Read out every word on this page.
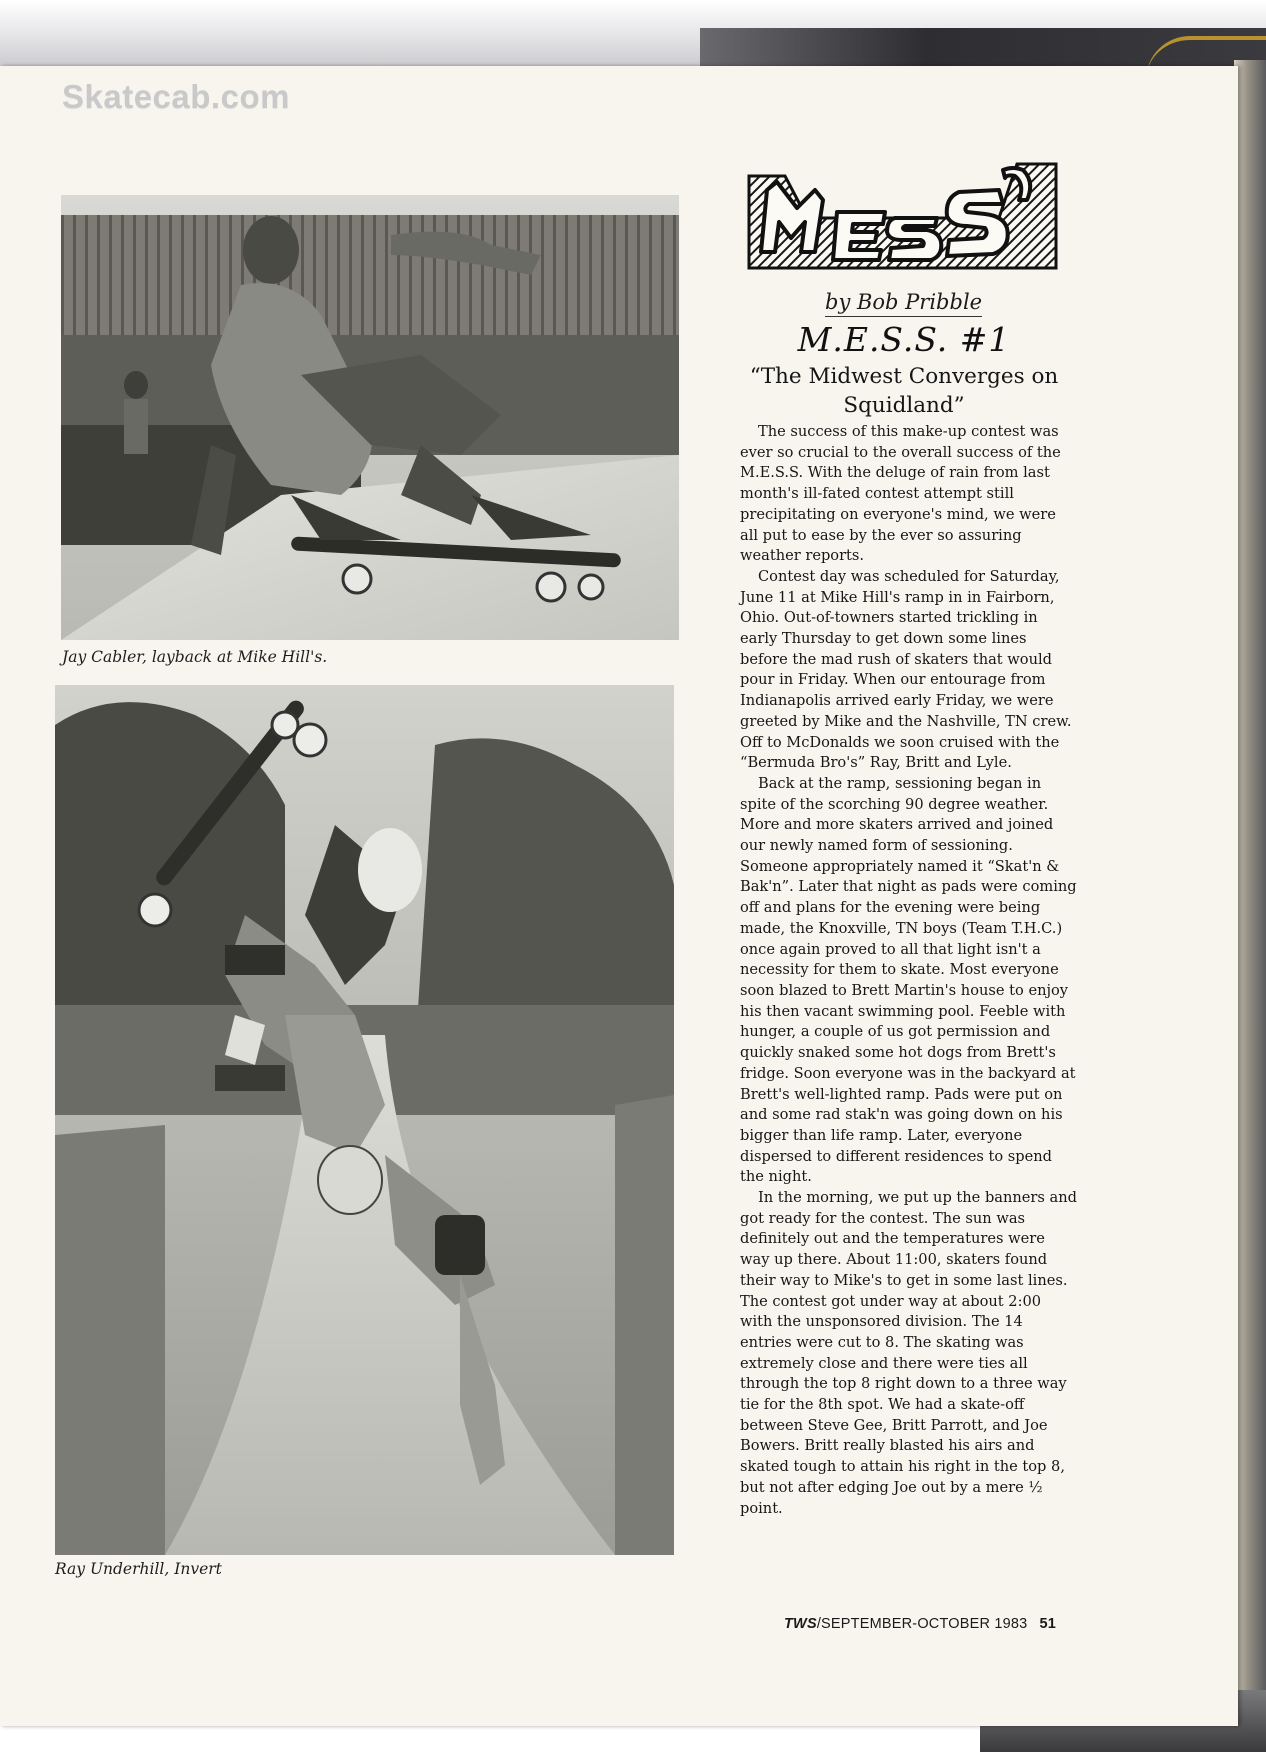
Skatecab.com
Jay Cabler, layback at Mike Hill's.
Ray Underhill, Invert
MESS
by Bob Pribble
M.E.S.S. #1
“The Midwest Converges on Squidland”

The success of this make-up contest was ever so crucial to the overall success of the M.E.S.S. With the deluge of rain from last month's ill-fated contest attempt still precipitating on everyone's mind, we were all put to ease by the ever so assuring weather reports.

Contest day was scheduled for Saturday, June 11 at Mike Hill's ramp in in Fairborn, Ohio. Out-of-towners started trickling in early Thursday to get down some lines before the mad rush of skaters that would pour in Friday. When our entourage from Indianapolis arrived early Friday, we were greeted by Mike and the Nashville, TN crew. Off to McDonalds we soon cruised with the “Bermuda Bro's” Ray, Britt and Lyle.

Back at the ramp, sessioning began in spite of the scorching 90 degree weather. More and more skaters arrived and joined our newly named form of sessioning. Someone appropriately named it “Skat'n & Bak'n”. Later that night as pads were coming off and plans for the evening were being made, the Knoxville, TN boys (Team T.H.C.) once again proved to all that light isn't a necessity for them to skate. Most everyone soon blazed to Brett Martin's house to enjoy his then vacant swimming pool. Feeble with hunger, a couple of us got permission and quickly snaked some hot dogs from Brett's fridge. Soon everyone was in the backyard at Brett's well-lighted ramp. Pads were put on and some rad stak'n was going down on his bigger than life ramp. Later, everyone dispersed to different residences to spend the night.

In the morning, we put up the banners and got ready for the contest. The sun was definitely out and the temperatures were way up there. About 11:00, skaters found their way to Mike's to get in some last lines. The contest got under way at about 2:00 with the unsponsored division. The 14 entries were cut to 8. The skating was extremely close and there were ties all through the top 8 right down to a three way tie for the 8th spot. We had a skate-off between Steve Gee, Britt Parrott, and Joe Bowers. Britt really blasted his airs and skated tough to attain his right in the top 8, but not after edging Joe out by a mere ½ point.

TWS/SEPTEMBER-OCTOBER 1983 51
